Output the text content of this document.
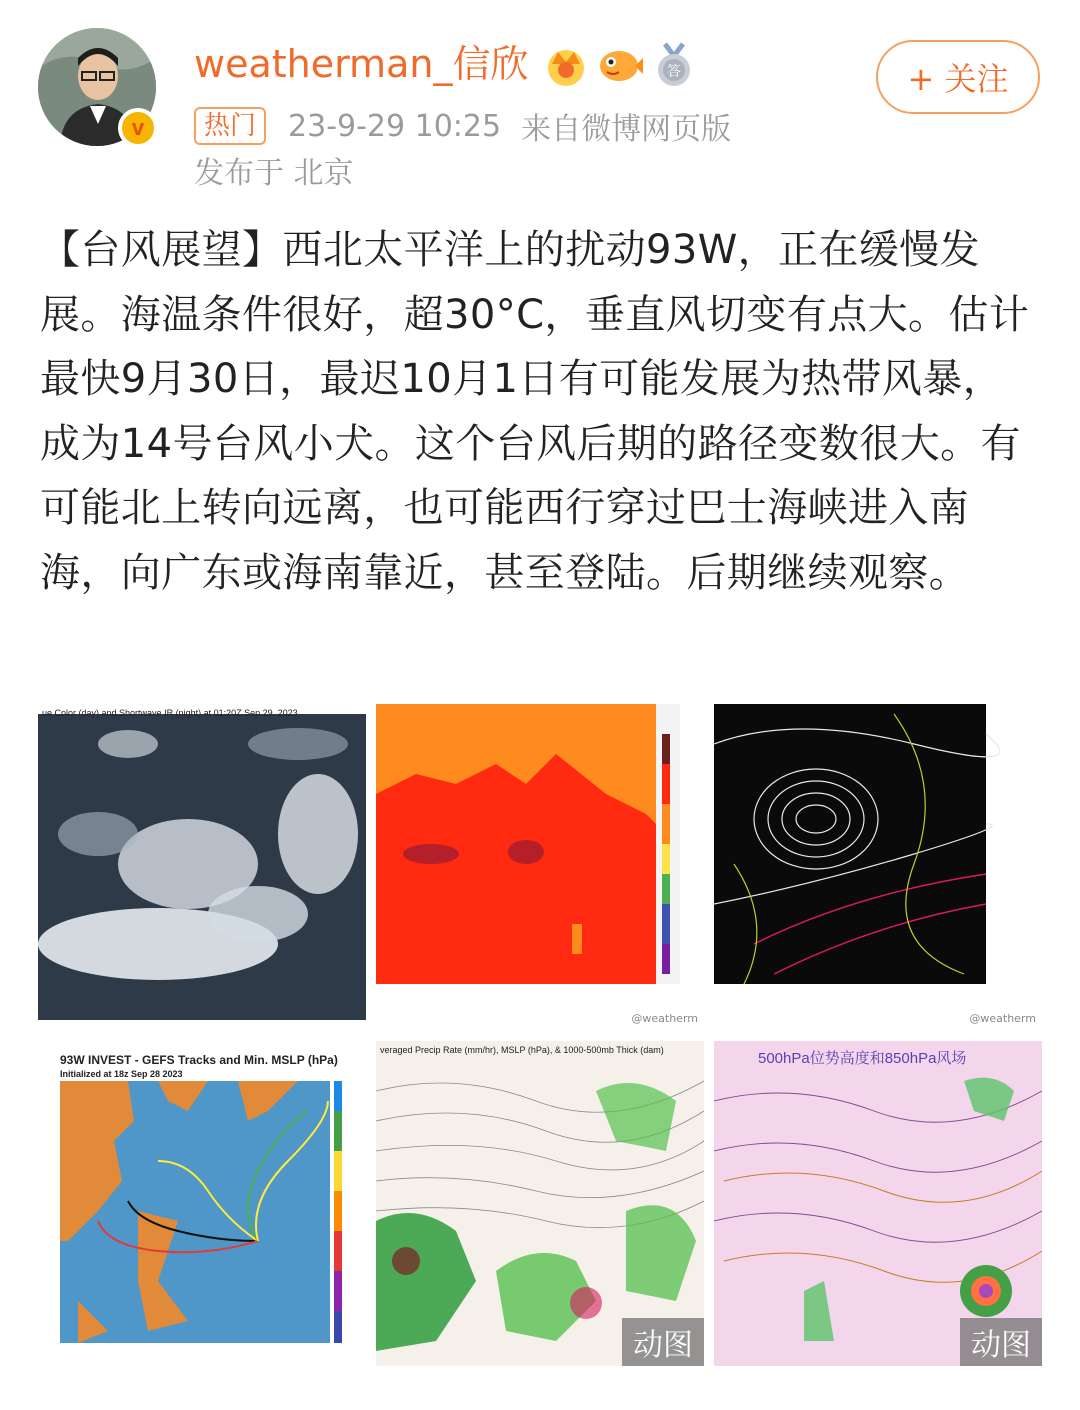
v
weatherman_信欣	答	+ 关注
热门	23-9-29 10:25 来自微博网页版
发布于 北京
【台风展望】西北太平洋上的扰动93W，正在缓慢发展。海温条件很好，超30°C，垂直风切变有点大。估计最快9月30日，最迟10月1日有可能发展为热带风暴，成为14号台风小犬。这个台风后期的路径变数很大。有可能北上转向远离，也可能西行穿过巴士海峡进入南海，向广东或海南靠近，甚至登陆。后期继续观察。
ue Color (day) and Shortwave IR (night) at 01:20Z Sep 29, 2023
@weatherm	@weatherm
93W INVEST - GEFS Tracks and Min. MSLP (hPa)
Initialized at 18z Sep 28 2023
veraged Precip Rate (mm/hr), MSLP (hPa), & 1000-500mb Thick (dam)
动图
500hPa位势高度和850hPa风场
动图
